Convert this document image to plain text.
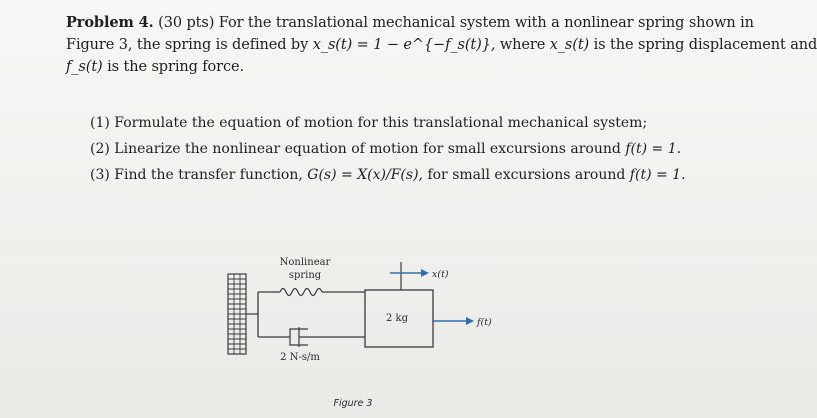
Problem 4. (30 pts) For the translational mechanical system with a nonlinear spring shown in
Figure 3, the spring is defined by x_s(t) = 1 − e^{−f_s(t)}, where x_s(t) is the spring displacement and
f_s(t) is the spring force.
(1) Formulate the equation of motion for this translational mechanical system;
(2) Linearize the nonlinear equation of motion for small excursions around f(t) = 1.
(3) Find the transfer function, G(s) = X(x)/F(s), for small excursions around f(t) = 1.
Nonlinear
spring
2 N-s/m
2 kg
x(t)
f(t)
Figure 3
